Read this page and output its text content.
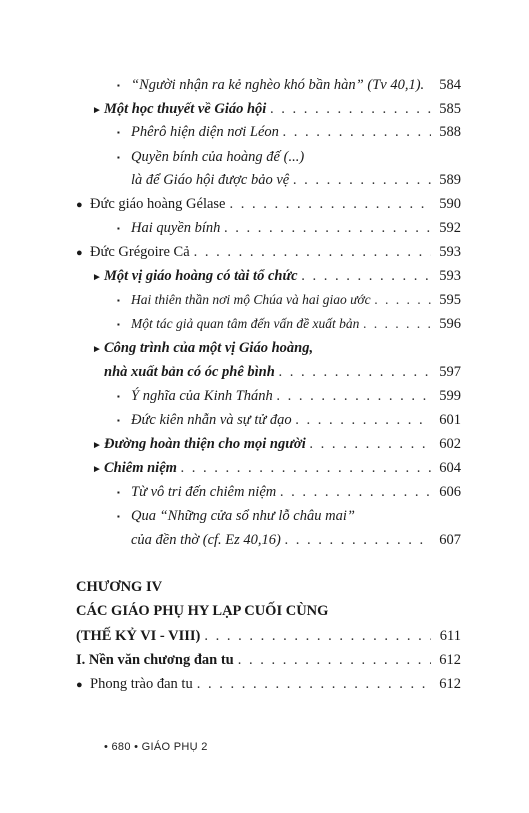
▪ “Người nhận ra kẻ nghèo khó bần hàn” (Tv 40,1). 584
► Một học thuyết về Giáo hội . . .	585
▪ Phêrô hiện diện nơi Léon . . .	588
▪ Quyền bính của hoàng đế (...)
là để Giáo hội được bảo vệ . . .	589
● Đức giáo hoàng Gélase . . .	590
▪ Hai quyền bính . . .	592
● Đức Grégoire Cả . . .	593
► Một vị giáo hoàng có tài tổ chức . . .	593
▪ Hai thiên thần nơi mộ Chúa và hai giao ước . . .	595
▪ Một tác giả quan tâm đến vấn đề xuất bản . . .	596
► Công trình của một vị Giáo hoàng,
nhà xuất bản có óc phê bình . . .	597
▪ Ý nghĩa của Kinh Thánh . . .	599
▪ Đức kiên nhẫn và sự tử đạo . . .	601
► Đường hoàn thiện cho mọi người . . .	602
► Chiêm niệm . . .	604
▪ Từ vô tri đến chiêm niệm . . .	606
▪ Qua “Những cửa sổ như lỗ châu mai”
của đền thờ (cf. Ez 40,16) . . .	607
CHƯƠNG IV
CÁC GIÁO PHỤ HY LẠP CUỐI CÙNG
(THẾ KỶ VI - VIII) . . .	611
I. Nền văn chương đan tu . . .	612
● Phong trào đan tu . . .	612
• 680 • GIÁO PHỤ 2
